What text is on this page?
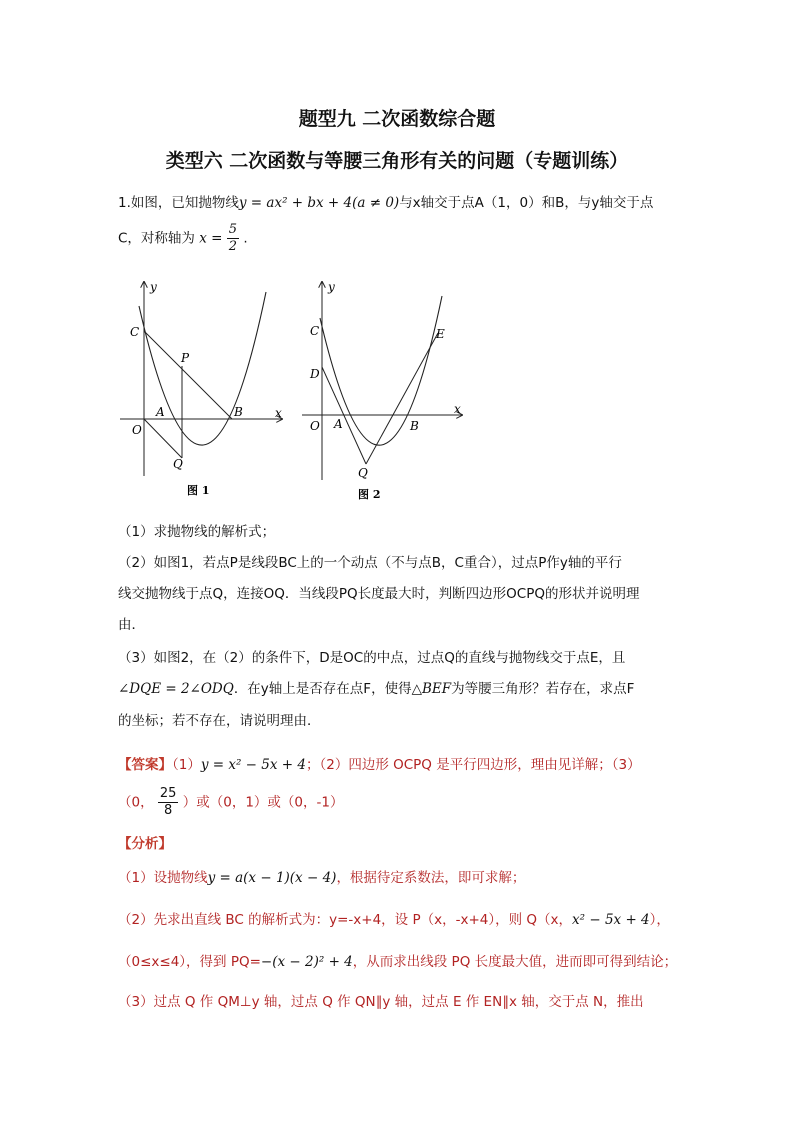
题型九 二次函数综合题
类型六 二次函数与等腰三角形有关的问题（专题训练）
1.如图，已知抛物线y = ax² + bx + 4(a ≠ 0)与x轴交于点A（1，0）和B，与y轴交于点
C，对称轴为 $x = \frac{5}{2}$ .
y
x
C
O
A	B
P
Q
图 1
y
x
C
D
O A	B
E
Q
图 2
（1）求抛物线的解析式；
（2）如图1，若点P是线段BC上的一个动点（不与点B，C重合），过点P作y轴的平行
线交抛物线于点Q，连接OQ．当线段PQ长度最大时，判断四边形OCPQ的形状并说明理
由．
（3）如图2，在（2）的条件下，D是OC的中点，过点Q的直线与抛物线交于点E，且
∠DQE = 2∠ODQ．在y轴上是否存在点F，使得△BEF为等腰三角形？若存在，求点F
的坐标；若不存在，请说明理由．
【答案】（1）y = x² − 5x + 4；（2）四边形 OCPQ 是平行四边形，理由见详解；（3）
（0， $\frac{25}{8}$ ）或（0，1）或（0，-1）
【分析】
（1）设抛物线y = a(x − 1)(x − 4)，根据待定系数法，即可求解；
（2）先求出直线 BC 的解析式为：y=-x+4，设 P（x，-x+4），则 Q（x，x² − 5x + 4），
（0≤x≤4），得到 PQ=−(x − 2)² + 4，从而求出线段 PQ 长度最大值，进而即可得到结论；
（3）过点 Q 作 QM⊥y 轴，过点 Q 作 QN∥y 轴，过点 E 作 EN∥x 轴，交于点 N，推出
